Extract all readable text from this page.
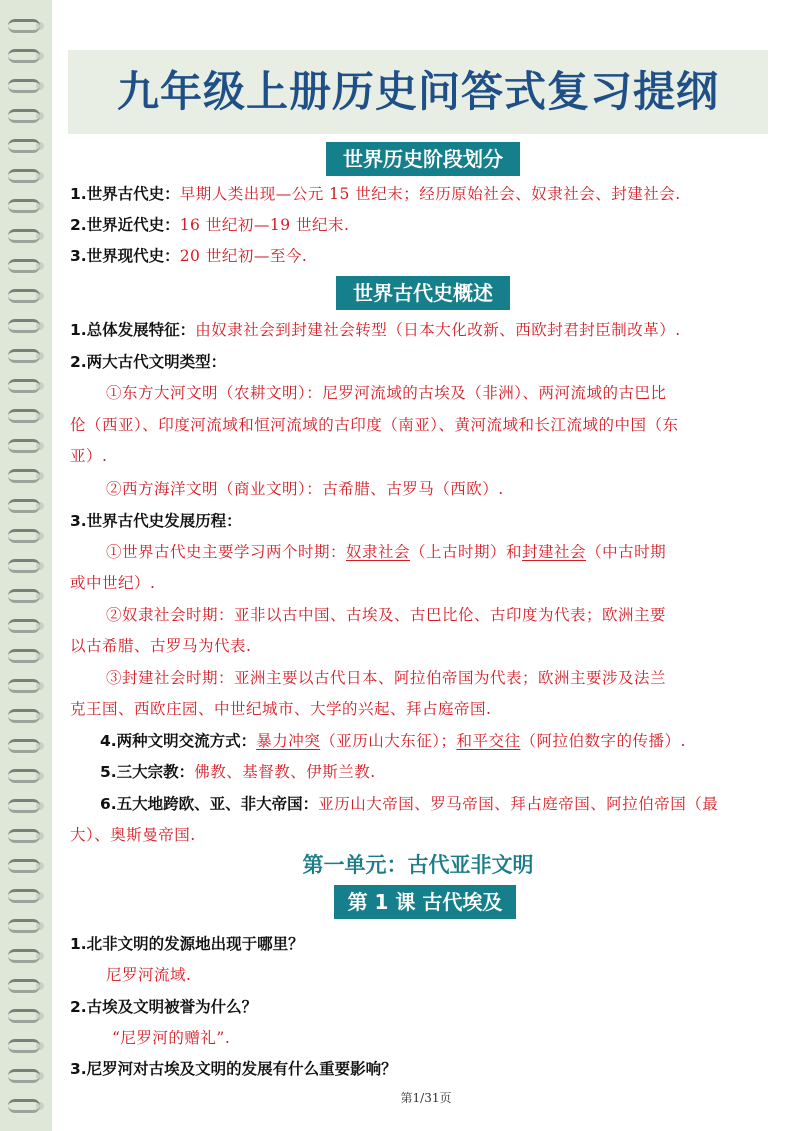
九年级上册历史问答式复习提纲
世界历史阶段划分
1.世界古代史：早期人类出现—公元 15 世纪末；经历原始社会、奴隶社会、封建社会.
2.世界近代史：16 世纪初—19 世纪末.
3.世界现代史：20 世纪初—至今.
世界古代史概述
1.总体发展特征：由奴隶社会到封建社会转型（日本大化改新、西欧封君封臣制改革）.
2.两大古代文明类型：
①东方大河文明（农耕文明）：尼罗河流域的古埃及（非洲）、两河流域的古巴比
伦（西亚）、印度河流域和恒河流域的古印度（南亚）、黄河流域和长江流域的中国（东
亚）.
②西方海洋文明（商业文明）：古希腊、古罗马（西欧）.
3.世界古代史发展历程：
①世界古代史主要学习两个时期：奴隶社会（上古时期）和封建社会（中古时期
或中世纪）.
②奴隶社会时期：亚非以古中国、古埃及、古巴比伦、古印度为代表；欧洲主要
以古希腊、古罗马为代表.
③封建社会时期：亚洲主要以古代日本、阿拉伯帝国为代表；欧洲主要涉及法兰
克王国、西欧庄园、中世纪城市、大学的兴起、拜占庭帝国.
4.两种文明交流方式：暴力冲突（亚历山大东征）；和平交往（阿拉伯数字的传播）.
5.三大宗教：佛教、基督教、伊斯兰教.
6.五大地跨欧、亚、非大帝国：亚历山大帝国、罗马帝国、拜占庭帝国、阿拉伯帝国（最
大）、奥斯曼帝国.
第一单元：古代亚非文明
第 1 课 古代埃及
1.北非文明的发源地出现于哪里？
尼罗河流域.
2.古埃及文明被誉为什么？
“尼罗河的赠礼”.
3.尼罗河对古埃及文明的发展有什么重要影响？
第1/31页
